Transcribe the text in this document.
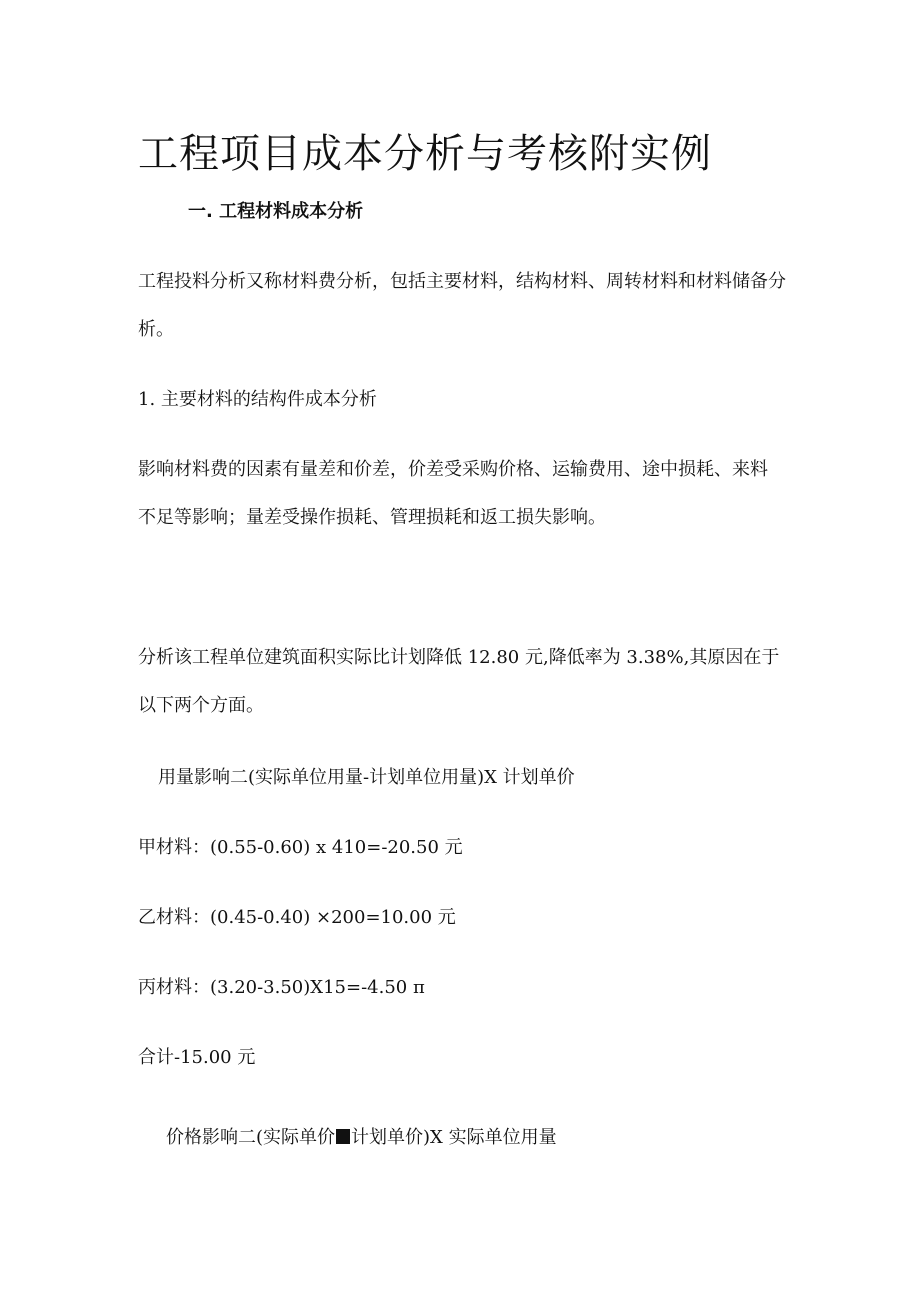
工程项目成本分析与考核附实例
一. 工程材料成本分析

工程投料分析又称材料费分析，包括主要材料，结构材料、周转材料和材料储备分析。

1. 主要材料的结构件成本分析

影响材料费的因素有量差和价差，价差受采购价格、运输费用、途中损耗、来料不足等影响；量差受操作损耗、管理损耗和返工损失影响。

分析该工程单位建筑面积实际比计划降低 12.80 元,降低率为 3.38%,其原因在于以下两个方面。

用量影响二(实际单位用量-计划单位用量)X 计划单价

甲材料：(0.55-0.60) x 410=-20.50 元

乙材料：(0.45-0.40) ×200=10.00 元

丙材料：(3.20-3.50)X15=-4.50 π

合计-15.00 元

价格影响二(实际单价 计划单价)X 实际单位用量
